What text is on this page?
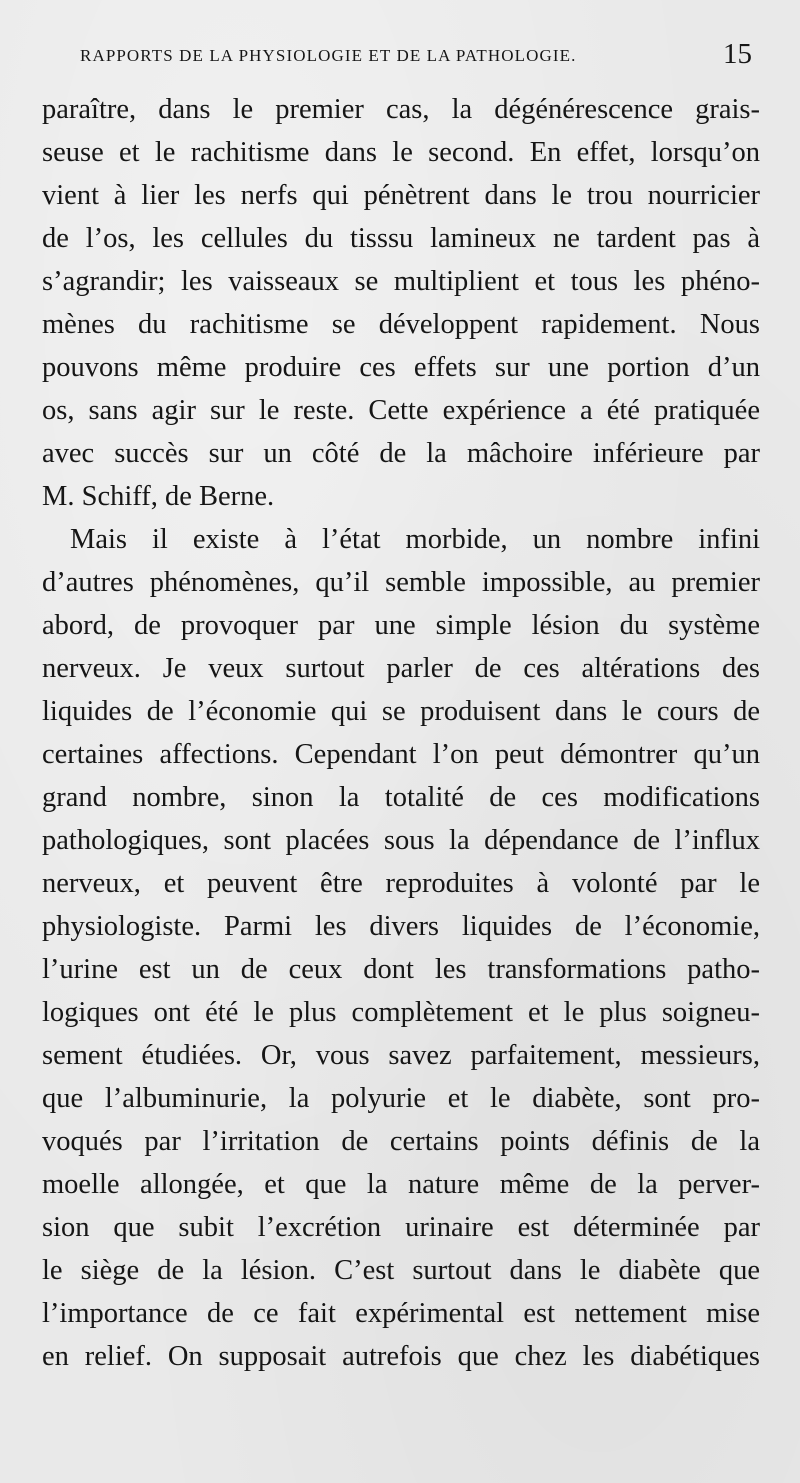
RAPPORTS DE LA PHYSIOLOGIE ET DE LA PATHOLOGIE.	15
paraître, dans le premier cas, la dégénérescence grais-
seuse et le rachitisme dans le second. En effet, lorsqu’on
vient à lier les nerfs qui pénètrent dans le trou nourricier
de l’os, les cellules du tisssu lamineux ne tardent pas à
s’agrandir; les vaisseaux se multiplient et tous les phéno-
mènes du rachitisme se développent rapidement. Nous
pouvons même produire ces effets sur une portion d’un
os, sans agir sur le reste. Cette expérience a été pratiquée
avec succès sur un côté de la mâchoire inférieure par
M. Schiff, de Berne.
Mais il existe à l’état morbide, un nombre infini
d’autres phénomènes, qu’il semble impossible, au premier
abord, de provoquer par une simple lésion du système
nerveux. Je veux surtout parler de ces altérations des
liquides de l’économie qui se produisent dans le cours de
certaines affections. Cependant l’on peut démontrer qu’un
grand nombre, sinon la totalité de ces modifications
pathologiques, sont placées sous la dépendance de l’influx
nerveux, et peuvent être reproduites à volonté par le
physiologiste. Parmi les divers liquides de l’économie,
l’urine est un de ceux dont les transformations patho-
logiques ont été le plus complètement et le plus soigneu-
sement étudiées. Or, vous savez parfaitement, messieurs,
que l’albuminurie, la polyurie et le diabète, sont pro-
voqués par l’irritation de certains points définis de la
moelle allongée, et que la nature même de la perver-
sion que subit l’excrétion urinaire est déterminée par
le siège de la lésion. C’est surtout dans le diabète que
l’importance de ce fait expérimental est nettement mise
en relief. On supposait autrefois que chez les diabétiques
